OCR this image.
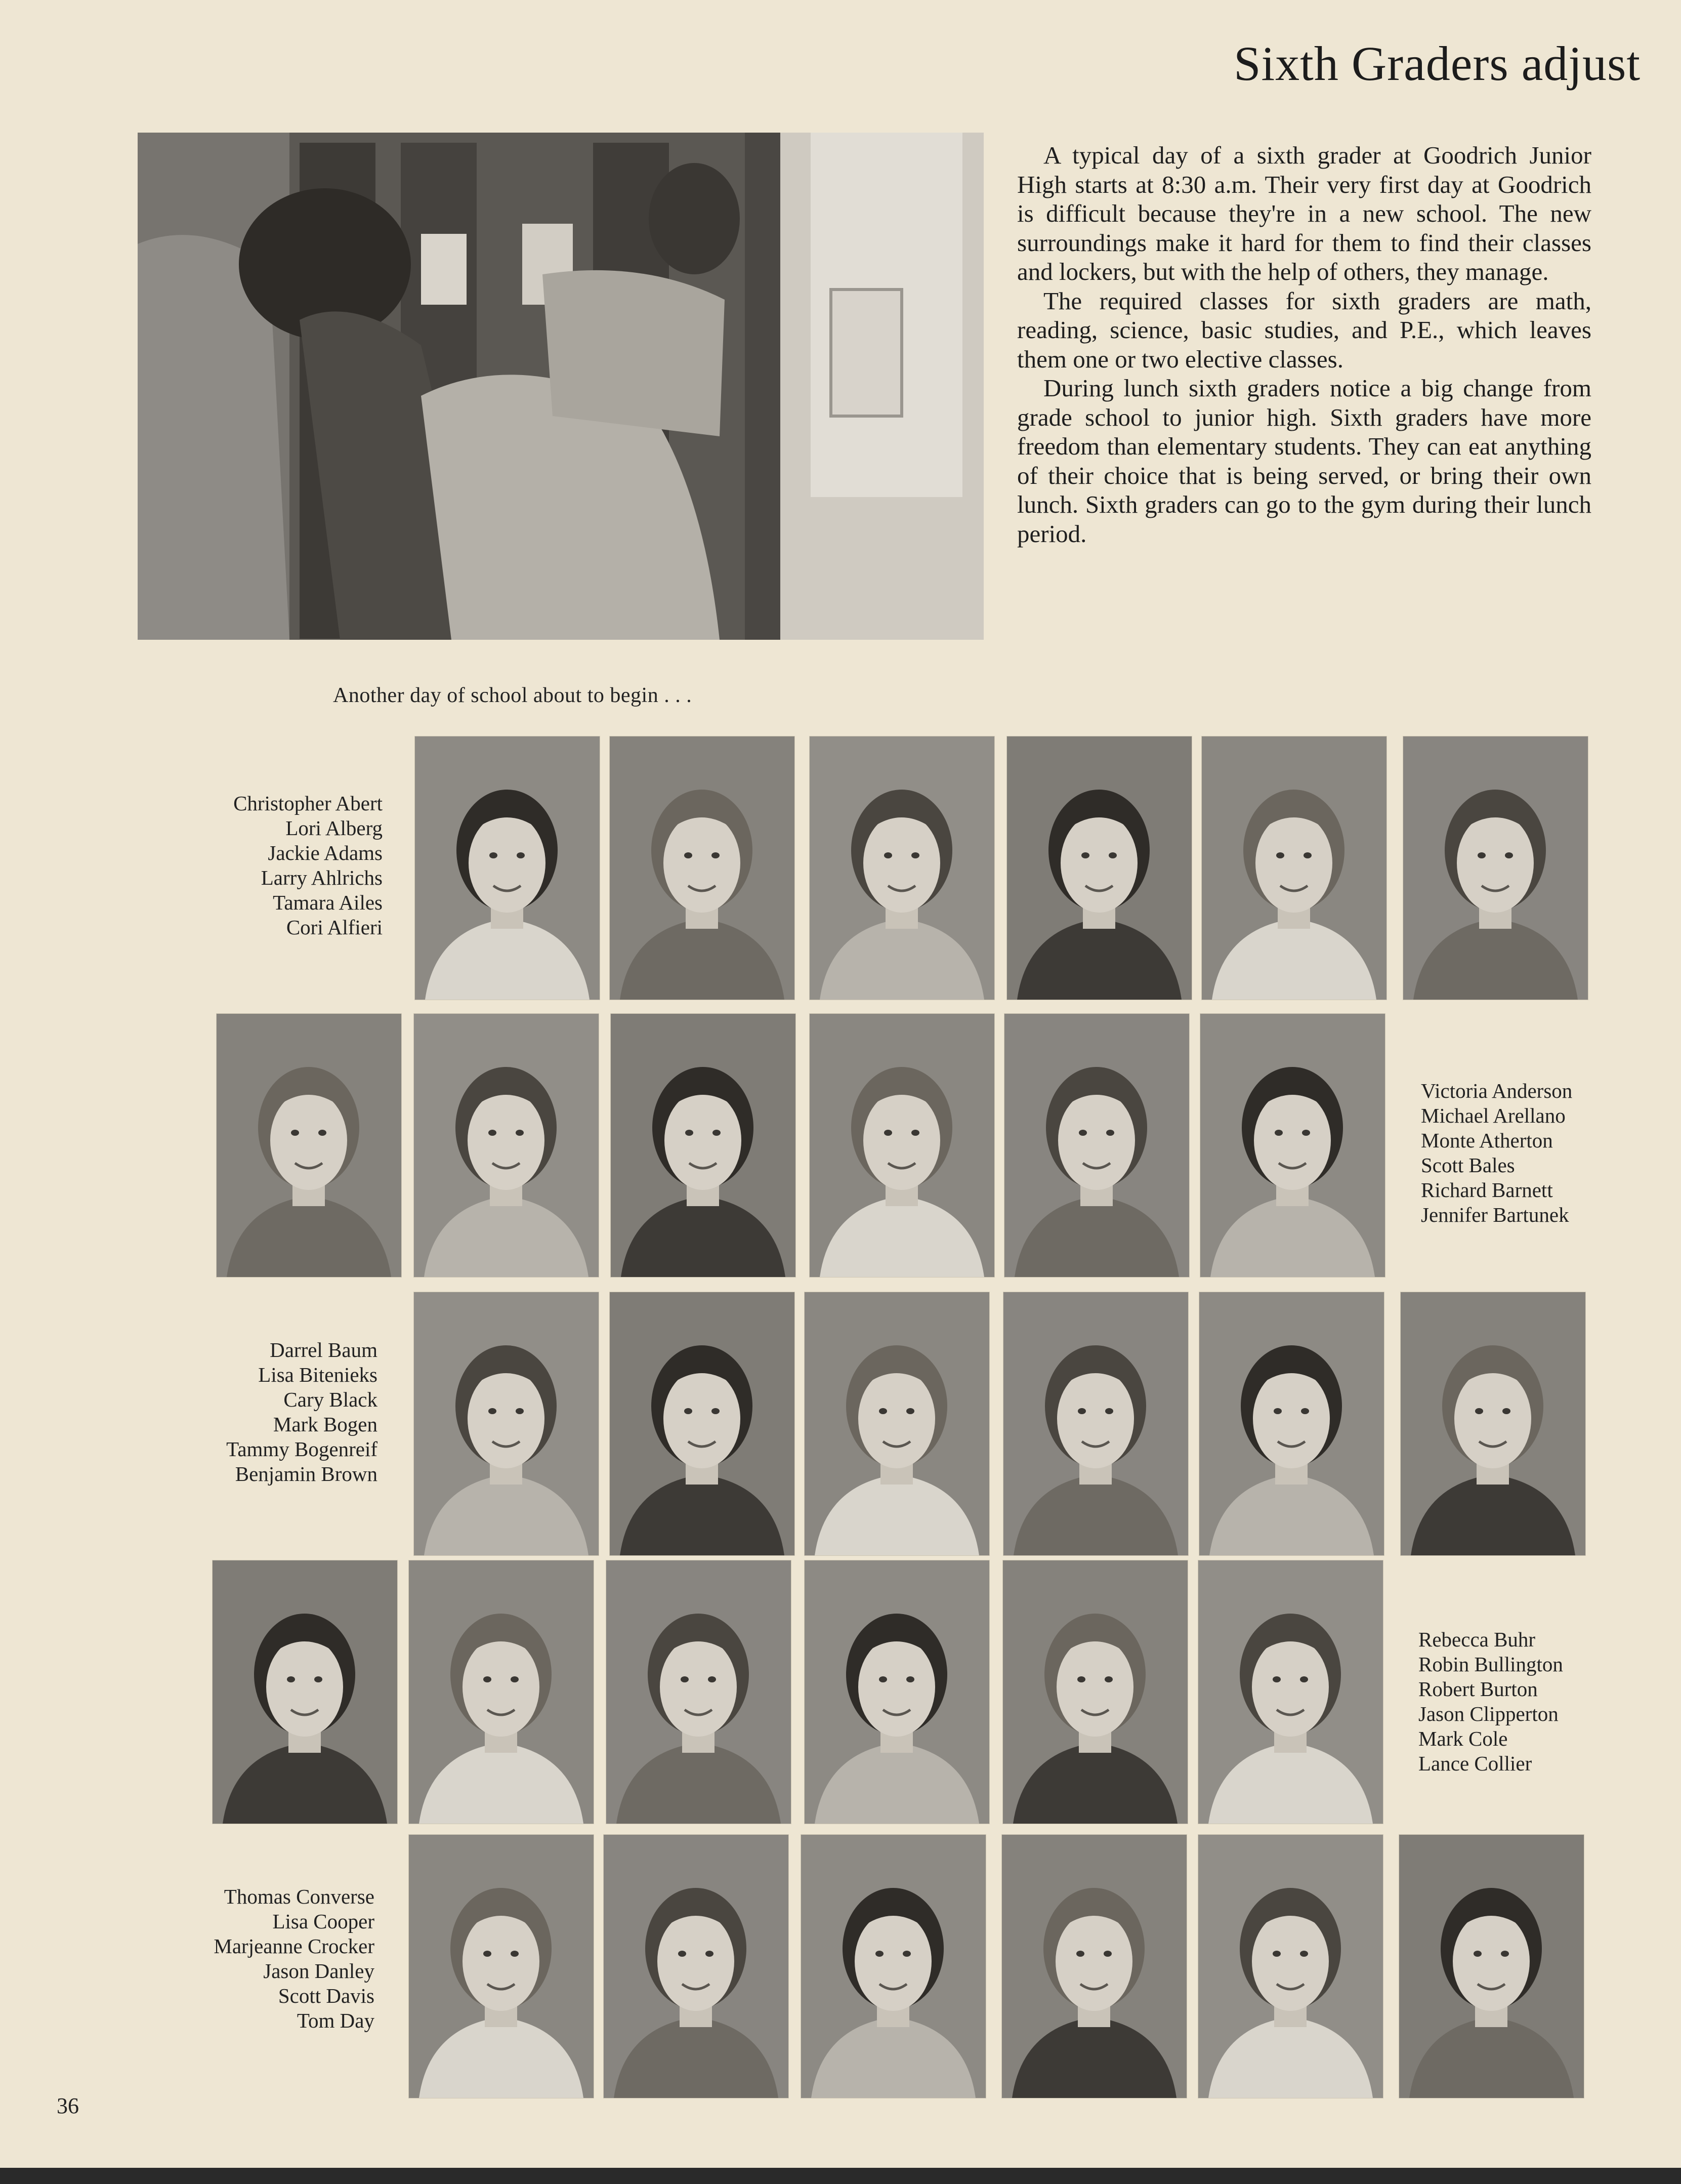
Sixth Graders adjust

A typical day of a sixth grader at Goodrich Junior High starts at 8:30 a.m. Their very first day at Goodrich is difficult because they're in a new school. The new surroundings make it hard for them to find their classes and lockers, but with the help of others, they manage.

The required classes for sixth graders are math, reading, science, basic studies, and P.E., which leaves them one or two elective classes.

During lunch sixth graders notice a big change from grade school to junior high. Sixth graders have more freedom than elementary students. They can eat anything of their choice that is being served, or bring their own lunch. Sixth graders can go to the gym during their lunch period.

Another day of school about to begin . . .
Christopher Abert
Lori Alberg
Jackie Adams
Larry Ahlrichs
Tamara Ailes
Cori Alfieri
Victoria Anderson
Michael Arellano
Monte Atherton
Scott Bales
Richard Barnett
Jennifer Bartunek
Darrel Baum
Lisa Bitenieks
Cary Black
Mark Bogen
Tammy Bogenreif
Benjamin Brown
Rebecca Buhr
Robin Bullington
Robert Burton
Jason Clipperton
Mark Cole
Lance Collier
Thomas Converse
Lisa Cooper
Marjeanne Crocker
Jason Danley
Scott Davis
Tom Day
36
